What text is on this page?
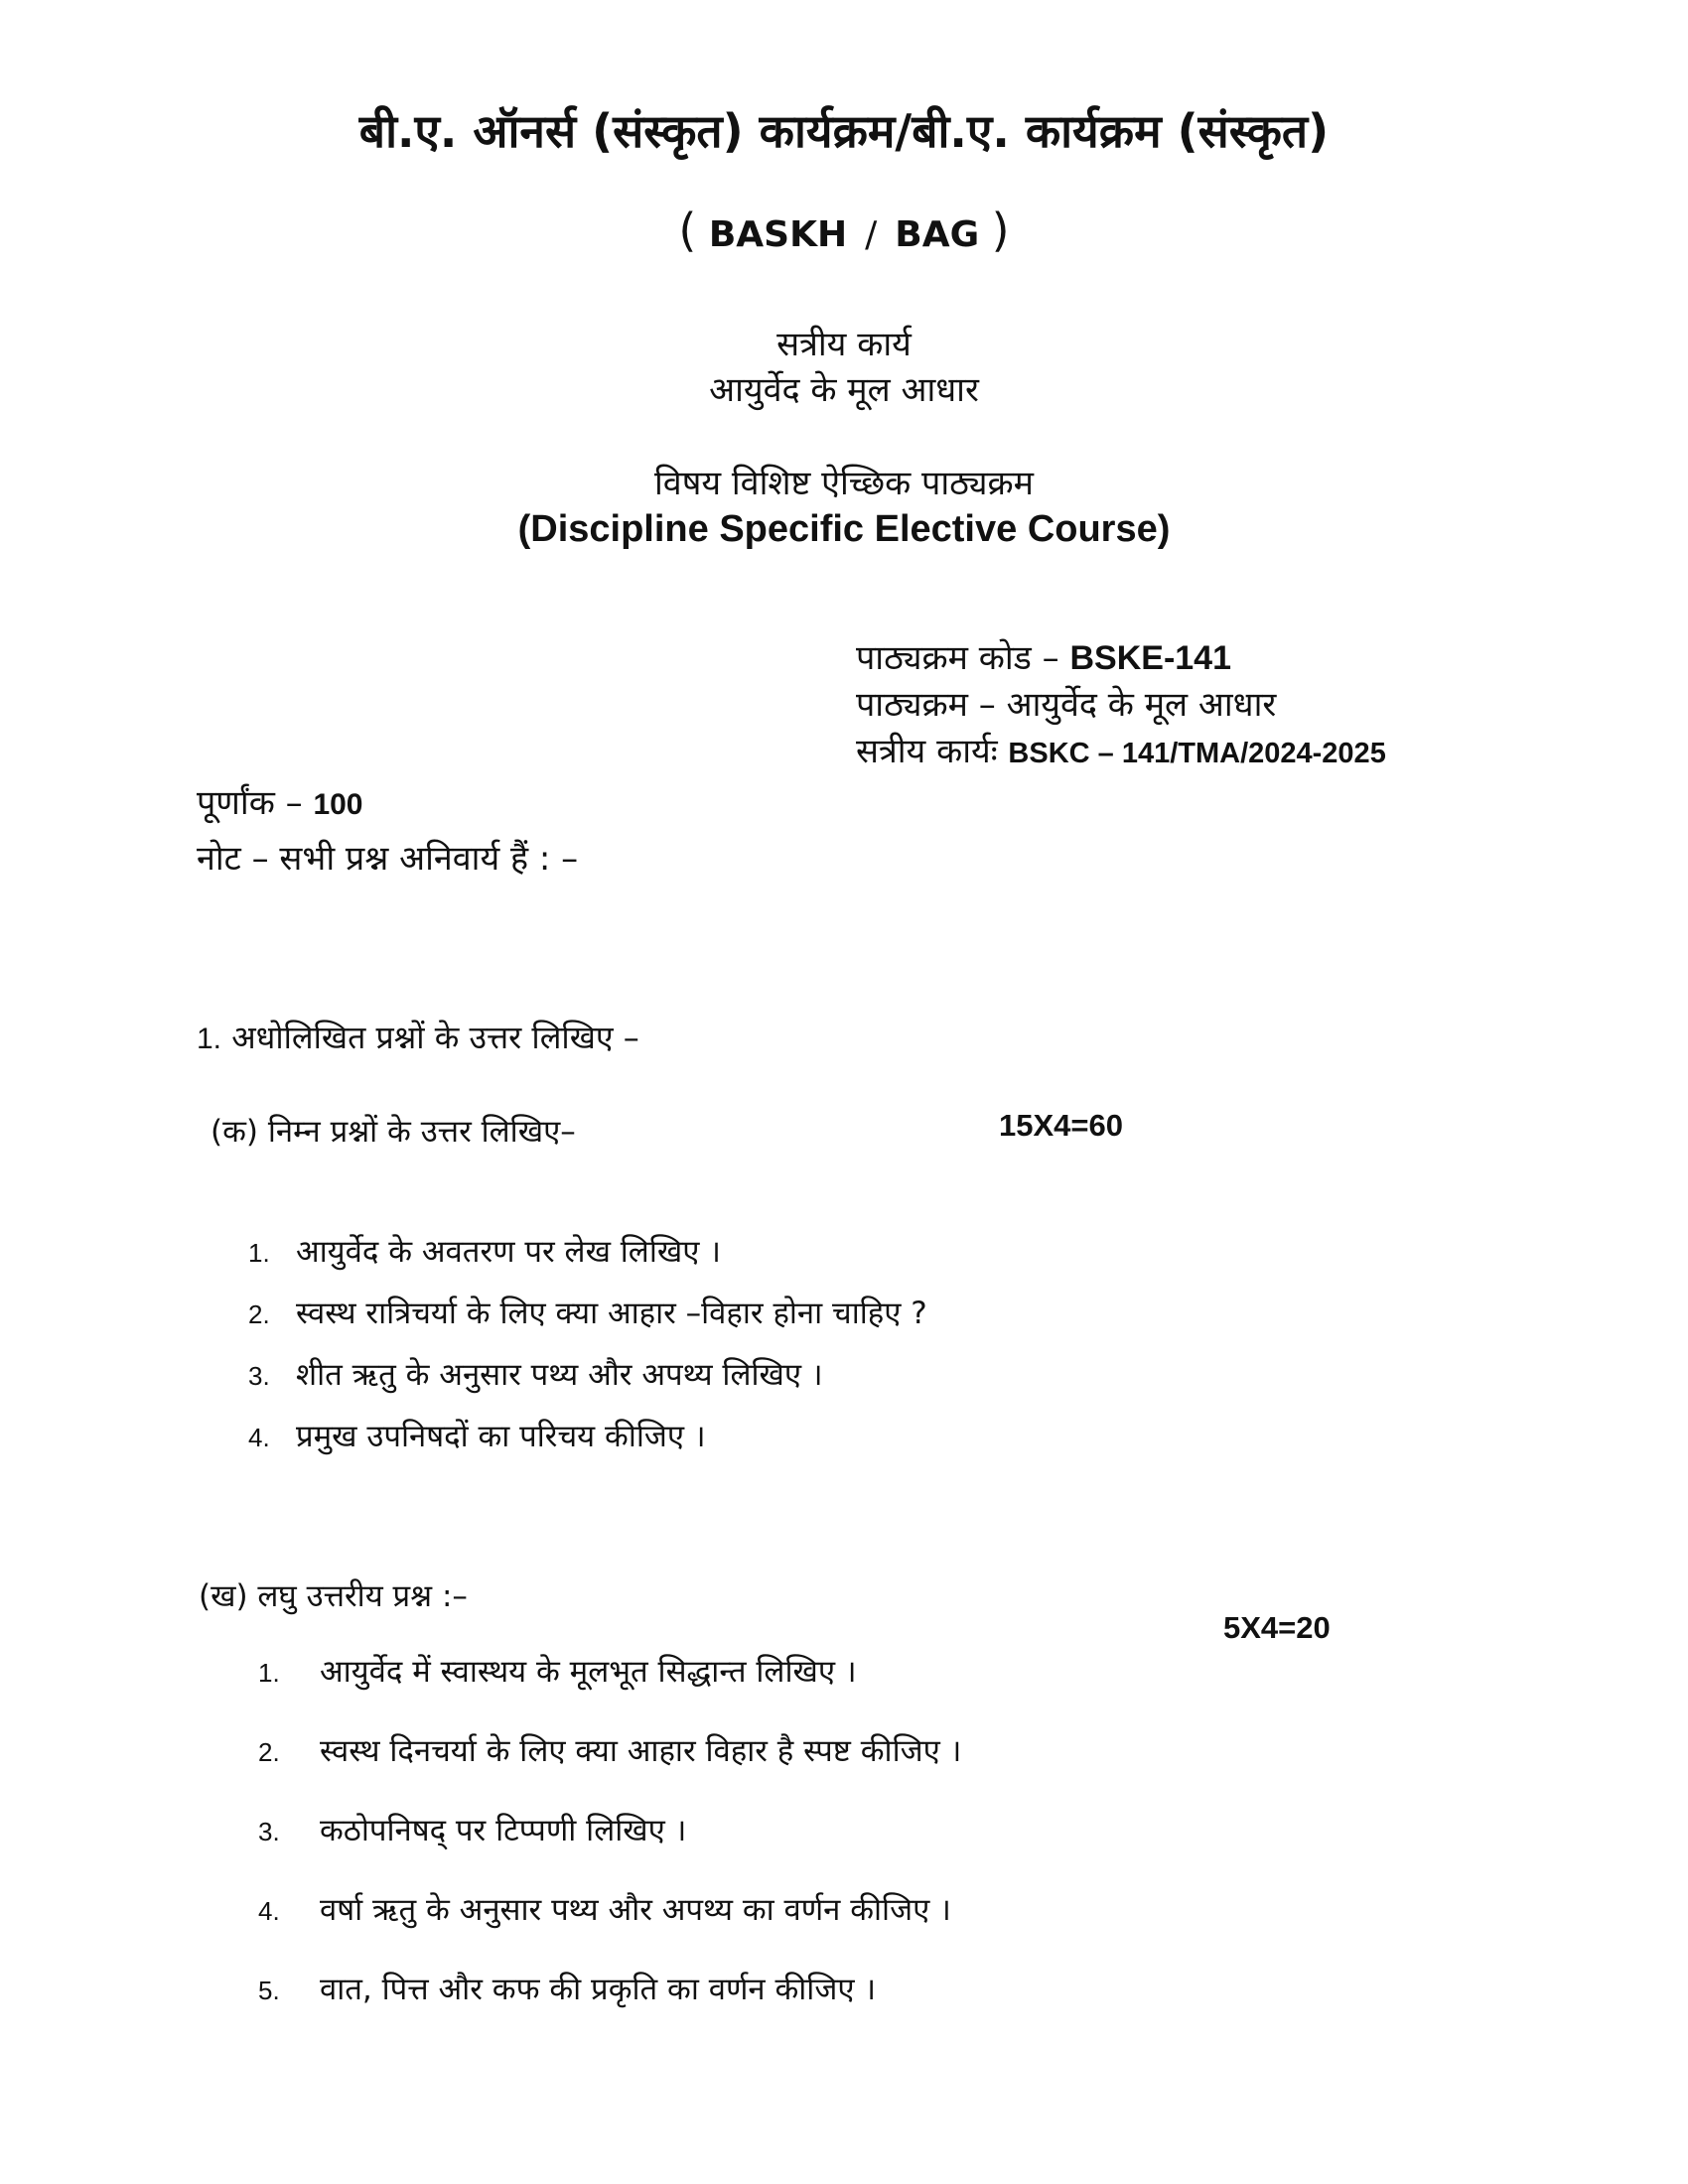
बी.ए. ऑनर्स (संस्कृत) कार्यक्रम/बी.ए. कार्यक्रम (संस्कृत)
( BASKH / BAG )
सत्रीय कार्य
आयुर्वेद के मूल आधार
विषय विशिष्ट ऐच्छिक पाठ्यक्रम
(Discipline Specific Elective Course)
पाठ्यक्रम कोड – BSKE-141
पाठ्यक्रम – आयुर्वेद के मूल आधार
सत्रीय कार्यः BSKC – 141/TMA/2024-2025
पूर्णांक – 100
नोट – सभी प्रश्न अनिवार्य हैं : –
1. अधोलिखित प्रश्नों के उत्तर लिखिए –
(क) निम्न प्रश्नों के उत्तर लिखिए–	15X4=60
1. आयुर्वेद के अवतरण पर लेख लिखिए ।
2. स्वस्थ रात्रिचर्या के लिए क्या आहार –विहार होना चाहिए ?
3. शीत ऋतु के अनुसार पथ्य और अपथ्य लिखिए ।
4. प्रमुख उपनिषदों का परिचय कीजिए ।
(ख) लघु उत्तरीय प्रश्न :–
5X4=20
1. आयुर्वेद में स्वास्थय के मूलभूत सिद्धान्त लिखिए ।
2. स्वस्थ दिनचर्या के लिए क्या आहार विहार है स्पष्ट कीजिए ।
3. कठोपनिषद् पर टिप्पणी लिखिए ।
4. वर्षा ऋतु के अनुसार पथ्य और अपथ्य का वर्णन कीजिए ।
5. वात, पित्त और कफ की प्रकृति का वर्णन कीजिए ।
